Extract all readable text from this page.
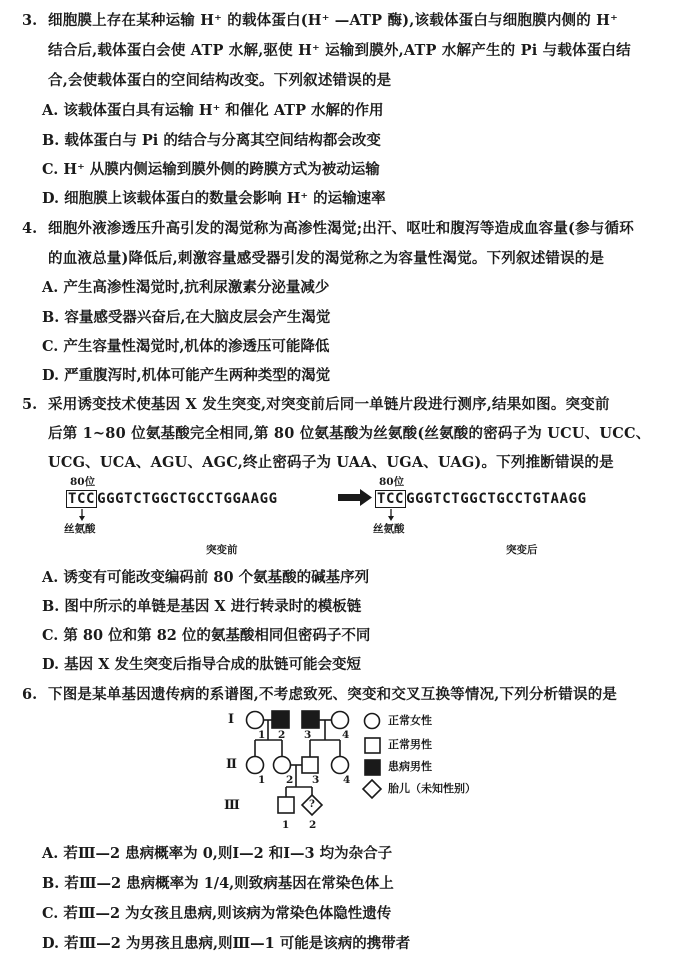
3. 细胞膜上存在某种运输 H⁺ 的载体蛋白(H⁺ —ATP 酶),该载体蛋白与细胞膜内侧的 H⁺
结合后,载体蛋白会使 ATP 水解,驱使 H⁺ 运输到膜外,ATP 水解产生的 Pi 与载体蛋白结
合,会使载体蛋白的空间结构改变。下列叙述错误的是
A. 该载体蛋白具有运输 H⁺ 和催化 ATP 水解的作用
B. 载体蛋白与 Pi 的结合与分离其空间结构都会改变
C. H⁺ 从膜内侧运输到膜外侧的跨膜方式为被动运输
D. 细胞膜上该载体蛋白的数量会影响 H⁺ 的运输速率
4. 细胞外液渗透压升高引发的渴觉称为高渗性渴觉;出汗、呕吐和腹泻等造成血容量(参与循环
的血液总量)降低后,刺激容量感受器引发的渴觉称之为容量性渴觉。下列叙述错误的是
A. 产生高渗性渴觉时,抗利尿激素分泌量减少
B. 容量感受器兴奋后,在大脑皮层会产生渴觉
C. 产生容量性渴觉时,机体的渗透压可能降低
D. 严重腹泻时,机体可能产生两种类型的渴觉
5. 采用诱变技术使基因 X 发生突变,对突变前后同一单链片段进行测序,结果如图。突变前
后第 1~80 位氨基酸完全相同,第 80 位氨基酸为丝氨酸(丝氨酸的密码子为 UCU、UCC、
UCG、UCA、AGU、AGC,终止密码子为 UAA、UGA、UAG)。下列推断错误的是
80位
TCC GGGTCTGGCTGCCTGGAAGG
80位
TCC GGGTCTGGCTGCCTGTAAGG
丝氨酸	丝氨酸
突变前	突变后
A. 诱变有可能改变编码前 80 个氨基酸的碱基序列
B. 图中所示的单链是基因 X 进行转录时的模板链
C. 第 80 位和第 82 位的氨基酸相同但密码子不同
D. 基因 X 发生突变后指导合成的肽链可能会变短
6. 下图是某单基因遗传病的系谱图,不考虑致死、突变和交叉互换等情况,下列分析错误的是
Ⅰ
Ⅱ
Ⅲ
1 2 3	4
1 2 3 4
1 2
?
正常女性
正常男性
患病男性
胎儿（未知性别）
A. 若Ⅲ—2 患病概率为 0,则Ⅰ—2 和Ⅰ—3 均为杂合子
B. 若Ⅲ—2 患病概率为 1/4,则致病基因在常染色体上
C. 若Ⅲ—2 为女孩且患病,则该病为常染色体隐性遗传
D. 若Ⅲ—2 为男孩且患病,则Ⅲ—1 可能是该病的携带者
